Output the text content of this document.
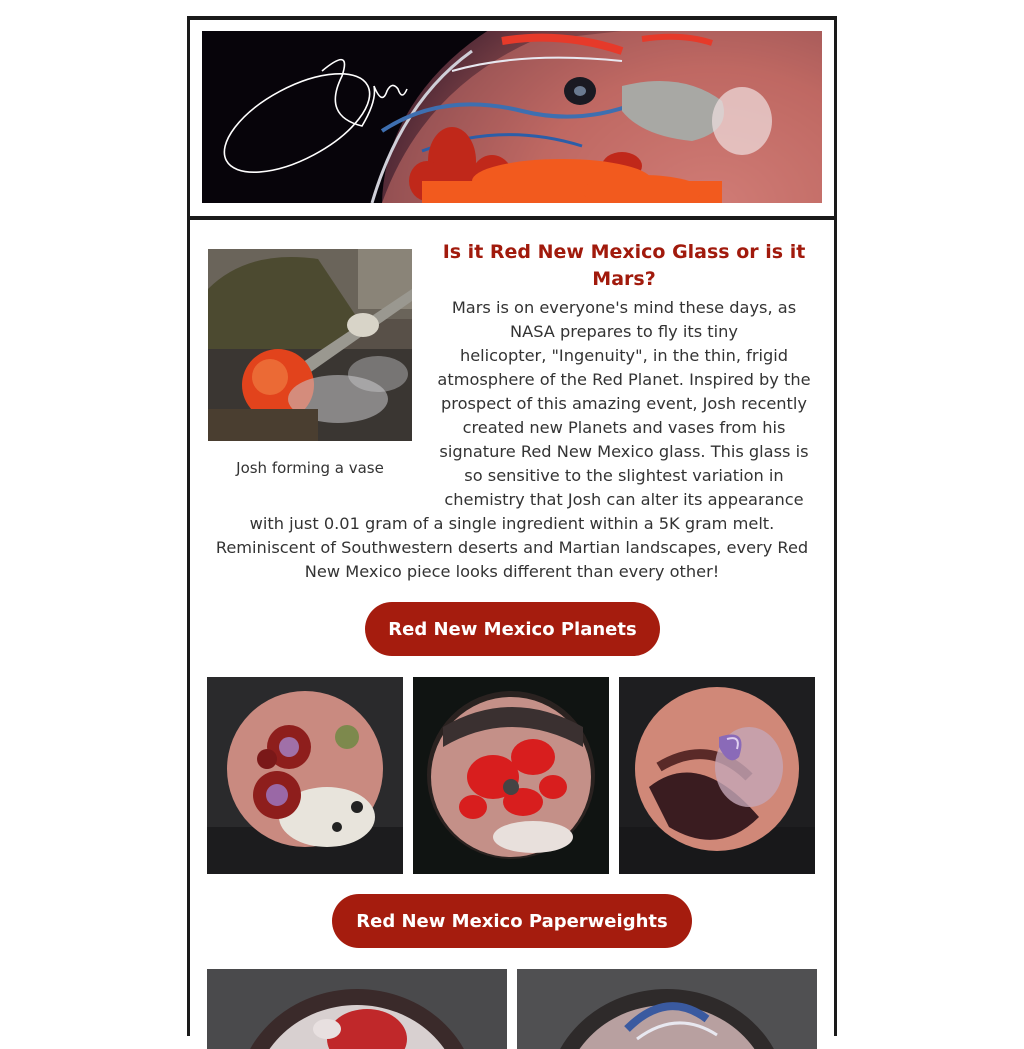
Josh forming a vase
Is it Red New Mexico Glass or is it
Mars?
Mars is on everyone's mind these days, as
NASA prepares to fly its tiny
helicopter, "Ingenuity", in the thin, frigid
atmosphere of the Red Planet. Inspired by the
prospect of this amazing event, Josh recently
created new Planets and vases from his
signature Red New Mexico glass. This glass is
so sensitive to the slightest variation in
chemistry that Josh can alter its appearance
with just 0.01 gram of a single ingredient within a 5K gram melt.
Reminiscent of Southwestern deserts and Martian landscapes, every Red
New Mexico piece looks different than every other!
Red New Mexico Planets
Red New Mexico Paperweights
